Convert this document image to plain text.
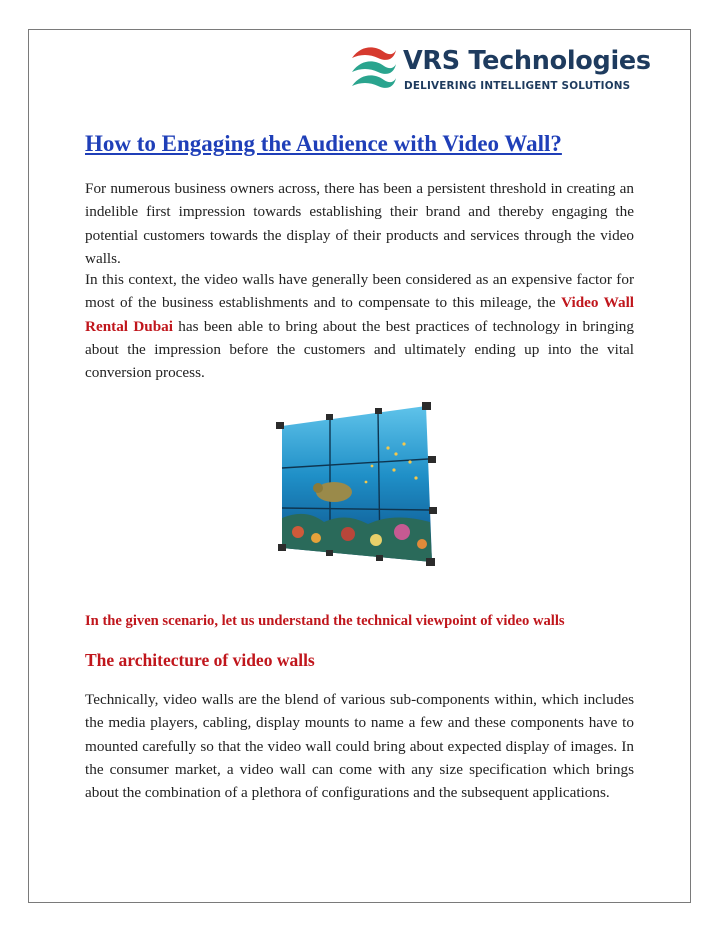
VRS Technologies
DELIVERING INTELLIGENT SOLUTIONS
How to Engaging the Audience with Video Wall?

For numerous business owners across, there has been a persistent threshold in creating an indelible first impression towards establishing their brand and thereby engaging the potential customers towards the display of their products and services through the video walls.

In this context, the video walls have generally been considered as an expensive factor for most of the business establishments and to compensate to this mileage, the Video Wall Rental Dubai has been able to bring about the best practices of technology in bringing about the impression before the customers and ultimately ending up into the vital conversion process.

In the given scenario, let us understand the technical viewpoint of video walls

The architecture of video walls

Technically, video walls are the blend of various sub-components within, which includes the media players, cabling, display mounts to name a few and these components have to mounted carefully so that the video wall could bring about expected display of images. In the consumer market, a video wall can come with any size specification which brings about the combination of a plethora of configurations and the subsequent applications.
